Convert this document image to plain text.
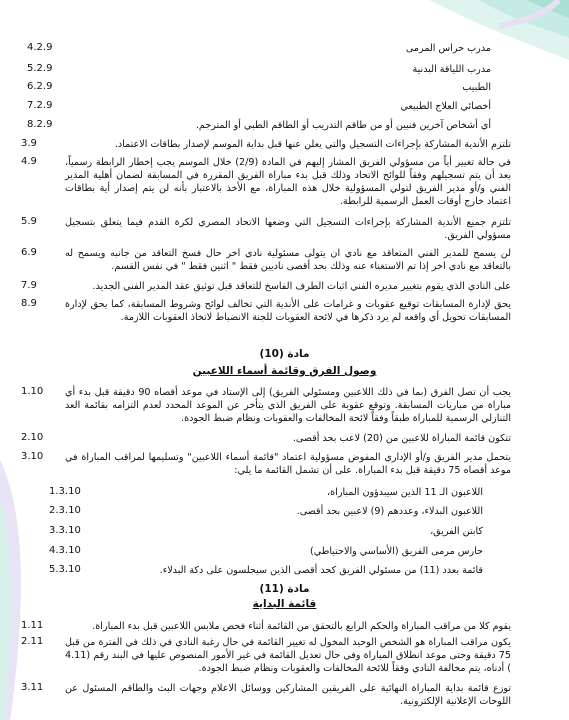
4.2.9	مدرب حراس المرمى
5.2.9	مدرب اللياقة البدنية
6.2.9	الطبيب
7.2.9	أخصائي العلاج الطبيعي
8.2.9	أي أشخاص آخرين فنيين أو من طاقم التدريب أو الطاقم الطبي أو المترجم.
3.9	تلتزم الأندية المشاركة بإجراءات التسجيل والتي يعلن عنها قبل بداية الموسم لإصدار بطاقات الاعتماد.
4.9	في حالة تغيير أياً من مسؤولي الفريق المشار إليهم في المادة (2/9) خلال الموسم يجب إخطار الرابطة رسمياً، بعد أن يتم تسجيلهم وفقاً للوائح الاتحاد وذلك قبل بدء مباراة الفريق المقررة في المسابقة لضمان أهلية المدير الفني و/أو مدير الفريق لتولي المسؤولية خلال هذه المباراة، مع الأخذ بالاعتبار بأنه لن يتم إصدار أية بطاقات اعتماد خارج أوقات العمل الرسمية للرابطة.
5.9	تلتزم جميع الأندية المشاركة بإجراءات التسجيل التي وضعها الاتحاد المصري لكرة القدم فيما يتعلق بتسجيل مسؤولي الفريق.
6.9	لن يسمح للمدير الفني المتعاقد مع نادي ان يتولى مسئولية نادي اخر حال فسخ التعاقد من جانبه ويسمح له بالتعاقد مع نادي اخر إذا تم الاستغناء عنه وذلك بحد أقصى ناديين فقط " اثنين فقط " في نفس القسم.
7.9	على النادي الذي يقوم بتغيير مديره الفني اثبات الطرف الفاسخ للتعاقد قبل توثيق عقد المدير الفني الجديد.
8.9	يحق لإدارة المسابقات توقيع عقوبات و غرامات على الأندية التي تخالف لوائح وشروط المسابقة، كما يحق لإدارة المسابقات تحويل أي واقعه لم يرد ذكرها في لائحة العقوبات للجنة الانضباط لاتخاذ العقوبات اللازمة.
مادة (10)
وصول الفرق وقائمة أسماء اللاعبين
1.10	يجب أن تصل الفرق (بما في ذلك اللاعبين ومسئولي الفريق) إلى الإستاد في موعد أقصاه 90 دقيقة قبل بدء أي مباراة من مباريات المسابقة. وتوقع عقوبة على الفريق الذي يتأخر عن الموعد المحدد لعدم التزامه بقائمة العد التنازلي الرسمية للمباراة طبقاً وفقاً لائحة المخالفات والعقوبات ونظام ضبط الجودة.
2.10	تتكون قائمة المباراة للاعبين من (20) لاعب بحد أقصى.
3.10	يتحمل مدير الفريق و/أو الإداري المفوض مسؤولية اعتماد "قائمة أسماء اللاعبين" وتسليمها لمراقب المباراة في موعد أقصاه 75 دقيقة قبل بدء المباراة. على أن تشمل القائمة ما يلي:
1.3.10	اللاعبون الـ 11 الذين سيبدؤون المباراة،
2.3.10	اللاعبون البدلاء، وعددهم (9) لاعبين بحد أقصى.
3.3.10	كابتن الفريق،
4.3.10	حارس مرمى الفريق (الأساسي والاحتياطي)
5.3.10	قائمة بعدد (11) من مسئولي الفريق كحد أقصى الذين سيجلسون على دكة البدلاء.
مادة (11)
قائمة البداية
1.11	يقوم كلا من مراقب المباراة والحكم الرابع بالتحقق من القائمة أثناء فحص ملابس اللاعبين قبل بدء المباراة.
2.11	يكون مراقب المباراة هو الشخص الوحيد المخول له تغيير القائمة في حال رغبة النادي في ذلك في الفترة من قبل 75 دقيقة وحتى موعد انطلاق المباراة وفي حال تعديل القائمة في غير الأمور المنصوص عليها في البند رقم (4.11 ) أدناه، يتم مخالفة النادي وفقاً للائحة المخالفات والعقوبات ونظام ضبط الجودة.
3.11	توزع قائمة بداية المباراة النهائية على الفريقين المشاركين ووسائل الاعلام وجهات البث والطاقم المسئول عن اللوحات الإعلانية الإلكترونية.
